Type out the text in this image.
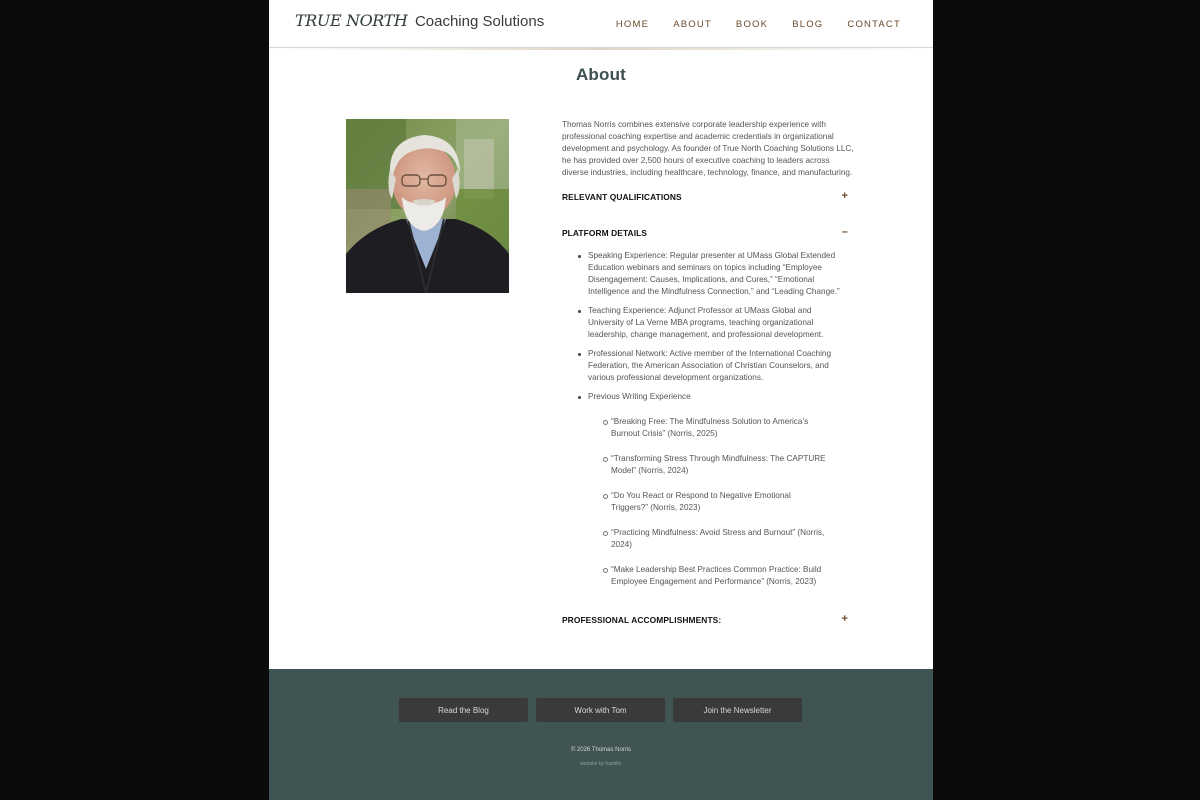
TRUE NORTH Coaching Solutions	HOME	ABOUT	BOOK	BLOG	CONTACT
About

Thomas Norris combines extensive corporate leadership experience with professional coaching expertise and academic credentials in organizational development and psychology. As founder of True North Coaching Solutions LLC, he has provided over 2,500 hours of executive coaching to leaders across diverse industries, including healthcare, technology, finance, and manufacturing.

RELEVANT QUALIFICATIONS	+
PLATFORM DETAILS	–
Speaking Experience: Regular presenter at UMass Global Extended Education webinars and seminars on topics including “Employee Disengagement: Causes, Implications, and Cures,” “Emotional Intelligence and the Mindfulness Connection,” and “Leading Change.”
Teaching Experience: Adjunct Professor at UMass Global and University of La Verne MBA programs, teaching organizational leadership, change management, and professional development.
Professional Network: Active member of the International Coaching Federation, the American Association of Christian Counselors, and various professional development organizations.
Previous Writing Experience
“Breaking Free: The Mindfulness Solution to America’s Burnout Crisis” (Norris, 2025)
“Transforming Stress Through Mindfulness: The CAPTURE Model” (Norris, 2024)
“Do You React or Respond to Negative Emotional Triggers?” (Norris, 2023)
“Practicing Mindfulness: Avoid Stress and Burnout” (Norris, 2024)
“Make Leadership Best Practices Common Practice: Build Employee Engagement and Performance” (Norris, 2023)
PROFESSIONAL ACCOMPLISHMENTS:	+
Read the Blog	Work with Tom	Join the Newsletter
© 2026 Thomas Norris
website by hamiltn
